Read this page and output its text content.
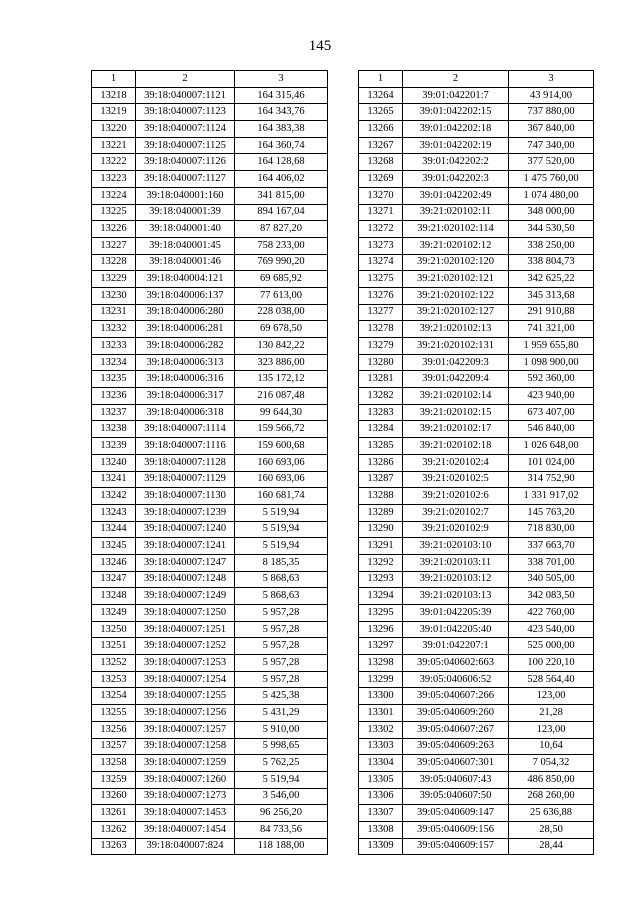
145
1	2	3
13218	39:18:040007:1121	164 315,46
13219	39:18:040007:1123	164 343,76
13220	39:18:040007:1124	164 383,38
13221	39:18:040007:1125	164 360,74
13222	39:18:040007:1126	164 128,68
13223	39:18:040007:1127	164 406,02
13224	39:18:040001:160	341 815,00
13225	39:18:040001:39	894 167,04
13226	39:18:040001:40	87 827,20
13227	39:18:040001:45	758 233,00
13228	39:18:040001:46	769 990,20
13229	39:18:040004:121	69 685,92
13230	39:18:040006:137	77 613,00
13231	39:18:040006:280	228 038,00
13232	39:18:040006:281	69 678,50
13233	39:18:040006:282	130 842,22
13234	39:18:040006:313	323 886,00
13235	39:18:040006:316	135 172,12
13236	39:18:040006:317	216 087,48
13237	39:18:040006:318	99 644,30
13238	39:18:040007:1114	159 566,72
13239	39:18:040007:1116	159 600,68
13240	39:18:040007:1128	160 693,06
13241	39:18:040007:1129	160 693,06
13242	39:18:040007:1130	160 681,74
13243	39:18:040007:1239	5 519,94
13244	39:18:040007:1240	5 519,94
13245	39:18:040007:1241	5 519,94
13246	39:18:040007:1247	8 185,35
13247	39:18:040007:1248	5 868,63
13248	39:18:040007:1249	5 868,63
13249	39:18:040007:1250	5 957,28
13250	39:18:040007:1251	5 957,28
13251	39:18:040007:1252	5 957,28
13252	39:18:040007:1253	5 957,28
13253	39:18:040007:1254	5 957,28
13254	39:18:040007:1255	5 425,38
13255	39:18:040007:1256	5 431,29
13256	39:18:040007:1257	5 910,00
13257	39:18:040007:1258	5 998,65
13258	39:18:040007:1259	5 762,25
13259	39:18:040007:1260	5 519,94
13260	39:18:040007:1273	3 546,00
13261	39:18:040007:1453	96 256,20
13262	39:18:040007:1454	84 733,56
13263	39:18:040007:824	118 188,00
1	2	3
13264	39:01:042201:7	43 914,00
13265	39:01:042202:15	737 880,00
13266	39:01:042202:18	367 840,00
13267	39:01:042202:19	747 340,00
13268	39:01:042202:2	377 520,00
13269	39:01:042202:3	1 475 760,00
13270	39:01:042202:49	1 074 480,00
13271	39:21:020102:11	348 000,00
13272	39:21:020102:114	344 530,50
13273	39:21:020102:12	338 250,00
13274	39:21:020102:120	338 804,73
13275	39:21:020102:121	342 625,22
13276	39:21:020102:122	345 313,68
13277	39:21:020102:127	291 910,88
13278	39:21:020102:13	741 321,00
13279	39:21:020102:131	1 959 655,80
13280	39:01:042209:3	1 098 900,00
13281	39:01:042209:4	592 360,00
13282	39:21:020102:14	423 940,00
13283	39:21:020102:15	673 407,00
13284	39:21:020102:17	546 840,00
13285	39:21:020102:18	1 026 648,00
13286	39:21:020102:4	101 024,00
13287	39:21:020102:5	314 752,90
13288	39:21:020102:6	1 331 917,02
13289	39:21:020102:7	145 763,20
13290	39:21:020102:9	718 830,00
13291	39:21:020103:10	337 663,70
13292	39:21:020103:11	338 701,00
13293	39:21:020103:12	340 505,00
13294	39:21:020103:13	342 083,50
13295	39:01:042205:39	422 760,00
13296	39:01:042205:40	423 540,00
13297	39:01:042207:1	525 000,00
13298	39:05:040602:663	100 220,10
13299	39:05:040606:52	528 564,40
13300	39:05:040607:266	123,00
13301	39:05:040609:260	21,28
13302	39:05:040607:267	123,00
13303	39:05:040609:263	10,64
13304	39:05:040607:301	7 054,32
13305	39:05:040607:43	486 850,00
13306	39:05:040607:50	268 260,00
13307	39:05:040609:147	25 636,88
13308	39:05:040609:156	28,50
13309	39:05:040609:157	28,44
